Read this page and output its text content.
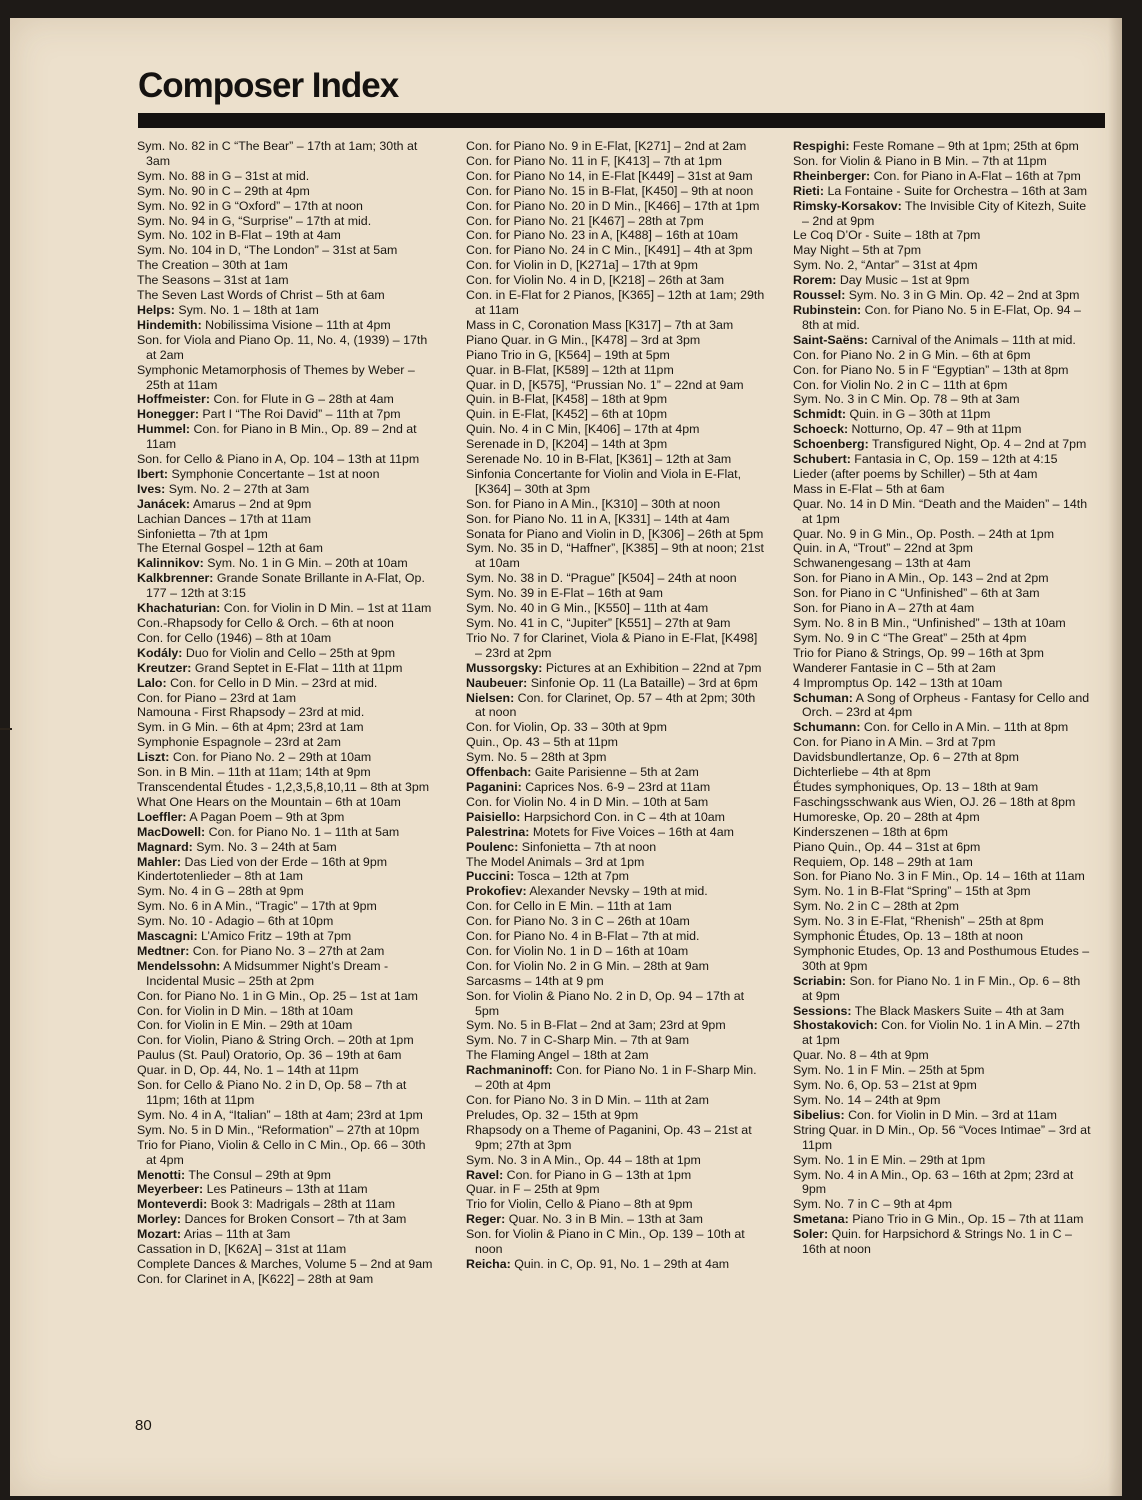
Composer Index
Sym. No. 82 in C “The Bear” – 17th at 1am; 30th at 3am
Sym. No. 88 in G – 31st at mid.
Sym. No. 90 in C – 29th at 4pm
Sym. No. 92 in G “Oxford” – 17th at noon
Sym. No. 94 in G, “Surprise” – 17th at mid.
Sym. No. 102 in B-Flat – 19th at 4am
Sym. No. 104 in D, “The London” – 31st at 5am
The Creation – 30th at 1am
The Seasons – 31st at 1am
The Seven Last Words of Christ – 5th at 6am
Helps: Sym. No. 1 – 18th at 1am
Hindemith: Nobilissima Visione – 11th at 4pm
Son. for Viola and Piano Op. 11, No. 4, (1939) – 17th at 2am
Symphonic Metamorphosis of Themes by Weber – 25th at 11am
Hoffmeister: Con. for Flute in G – 28th at 4am
Honegger: Part I “The Roi David” – 11th at 7pm
Hummel: Con. for Piano in B Min., Op. 89 – 2nd at 11am
Son. for Cello & Piano in A, Op. 104 – 13th at 11pm
Ibert: Symphonie Concertante – 1st at noon
Ives: Sym. No. 2 – 27th at 3am
Janácek: Amarus – 2nd at 9pm
Lachian Dances – 17th at 11am
Sinfonietta – 7th at 1pm
The Eternal Gospel – 12th at 6am
Kalinnikov: Sym. No. 1 in G Min. – 20th at 10am
Kalkbrenner: Grande Sonate Brillante in A-Flat, Op. 177 – 12th at 3:15
Khachaturian: Con. for Violin in D Min. – 1st at 11am
Con.-Rhapsody for Cello & Orch. – 6th at noon
Con. for Cello (1946) – 8th at 10am
Kodály: Duo for Violin and Cello – 25th at 9pm
Kreutzer: Grand Septet in E-Flat – 11th at 11pm
Lalo: Con. for Cello in D Min. – 23rd at mid.
Con. for Piano – 23rd at 1am
Namouna - First Rhapsody – 23rd at mid.
Sym. in G Min. – 6th at 4pm; 23rd at 1am
Symphonie Espagnole – 23rd at 2am
Liszt: Con. for Piano No. 2 – 29th at 10am
Son. in B Min. – 11th at 11am; 14th at 9pm
Transcendental Études - 1,2,3,5,8,10,11 – 8th at 3pm
What One Hears on the Mountain – 6th at 10am
Loeffler: A Pagan Poem – 9th at 3pm
MacDowell: Con. for Piano No. 1 – 11th at 5am
Magnard: Sym. No. 3 – 24th at 5am
Mahler: Das Lied von der Erde – 16th at 9pm
Kindertotenlieder – 8th at 1am
Sym. No. 4 in G – 28th at 9pm
Sym. No. 6 in A Min., “Tragic” – 17th at 9pm
Sym. No. 10 - Adagio – 6th at 10pm
Mascagni: L’Amico Fritz – 19th at 7pm
Medtner: Con. for Piano No. 3 – 27th at 2am
Mendelssohn: A Midsummer Night’s Dream - Incidental Music – 25th at 2pm
Con. for Piano No. 1 in G Min., Op. 25 – 1st at 1am
Con. for Violin in D Min. – 18th at 10am
Con. for Violin in E Min. – 29th at 10am
Con. for Violin, Piano & String Orch. – 20th at 1pm
Paulus (St. Paul) Oratorio, Op. 36 – 19th at 6am
Quar. in D, Op. 44, No. 1 – 14th at 11pm
Son. for Cello & Piano No. 2 in D, Op. 58 – 7th at 11pm; 16th at 11pm
Sym. No. 4 in A, “Italian” – 18th at 4am; 23rd at 1pm
Sym. No. 5 in D Min., “Reformation” – 27th at 10pm
Trio for Piano, Violin & Cello in C Min., Op. 66 – 30th at 4pm
Menotti: The Consul – 29th at 9pm
Meyerbeer: Les Patineurs – 13th at 11am
Monteverdi: Book 3: Madrigals – 28th at 11am
Morley: Dances for Broken Consort – 7th at 3am
Mozart: Arias – 11th at 3am
Cassation in D, [K62A] – 31st at 11am
Complete Dances & Marches, Volume 5 – 2nd at 9am
Con. for Clarinet in A, [K622] – 28th at 9am
Con. for Piano No. 9 in E-Flat, [K271] – 2nd at 2am
Con. for Piano No. 11 in F, [K413] – 7th at 1pm
Con. for Piano No 14, in E-Flat [K449] – 31st at 9am
Con. for Piano No. 15 in B-Flat, [K450] – 9th at noon
Con. for Piano No. 20 in D Min., [K466] – 17th at 1pm
Con. for Piano No. 21 [K467] – 28th at 7pm
Con. for Piano No. 23 in A, [K488] – 16th at 10am
Con. for Piano No. 24 in C Min., [K491] – 4th at 3pm
Con. for Violin in D, [K271a] – 17th at 9pm
Con. for Violin No. 4 in D, [K218] – 26th at 3am
Con. in E-Flat for 2 Pianos, [K365] – 12th at 1am; 29th at 11am
Mass in C, Coronation Mass [K317] – 7th at 3am
Piano Quar. in G Min., [K478] – 3rd at 3pm
Piano Trio in G, [K564] – 19th at 5pm
Quar. in B-Flat, [K589] – 12th at 11pm
Quar. in D, [K575], “Prussian No. 1” – 22nd at 9am
Quin. in B-Flat, [K458] – 18th at 9pm
Quin. in E-Flat, [K452] – 6th at 10pm
Quin. No. 4 in C Min, [K406] – 17th at 4pm
Serenade in D, [K204] – 14th at 3pm
Serenade No. 10 in B-Flat, [K361] – 12th at 3am
Sinfonia Concertante for Violin and Viola in E-Flat, [K364] – 30th at 3pm
Son. for Piano in A Min., [K310] – 30th at noon
Son. for Piano No. 11 in A, [K331] – 14th at 4am
Sonata for Piano and Violin in D, [K306] – 26th at 5pm
Sym. No. 35 in D, “Haffner”, [K385] – 9th at noon; 21st at 10am
Sym. No. 38 in D. “Prague” [K504] – 24th at noon
Sym. No. 39 in E-Flat – 16th at 9am
Sym. No. 40 in G Min., [K550] – 11th at 4am
Sym. No. 41 in C, “Jupiter” [K551] – 27th at 9am
Trio No. 7 for Clarinet, Viola & Piano in E-Flat, [K498] – 23rd at 2pm
Mussorgsky: Pictures at an Exhibition – 22nd at 7pm
Naubeuer: Sinfonie Op. 11 (La Bataille) – 3rd at 6pm
Nielsen: Con. for Clarinet, Op. 57 – 4th at 2pm; 30th at noon
Con. for Violin, Op. 33 – 30th at 9pm
Quin., Op. 43 – 5th at 11pm
Sym. No. 5 – 28th at 3pm
Offenbach: Gaite Parisienne – 5th at 2am
Paganini: Caprices Nos. 6-9 – 23rd at 11am
Con. for Violin No. 4 in D Min. – 10th at 5am
Paisiello: Harpsichord Con. in C – 4th at 10am
Palestrina: Motets for Five Voices – 16th at 4am
Poulenc: Sinfonietta – 7th at noon
The Model Animals – 3rd at 1pm
Puccini: Tosca – 12th at 7pm
Prokofiev: Alexander Nevsky – 19th at mid.
Con. for Cello in E Min. – 11th at 1am
Con. for Piano No. 3 in C – 26th at 10am
Con. for Piano No. 4 in B-Flat – 7th at mid.
Con. for Violin No. 1 in D – 16th at 10am
Con. for Violin No. 2 in G Min. – 28th at 9am
Sarcasms – 14th at 9 pm
Son. for Violin & Piano No. 2 in D, Op. 94 – 17th at 5pm
Sym. No. 5 in B-Flat – 2nd at 3am; 23rd at 9pm
Sym. No. 7 in C-Sharp Min. – 7th at 9am
The Flaming Angel – 18th at 2am
Rachmaninoff: Con. for Piano No. 1 in F-Sharp Min. – 20th at 4pm
Con. for Piano No. 3 in D Min. – 11th at 2am
Preludes, Op. 32 – 15th at 9pm
Rhapsody on a Theme of Paganini, Op. 43 – 21st at 9pm; 27th at 3pm
Sym. No. 3 in A Min., Op. 44 – 18th at 1pm
Ravel: Con. for Piano in G – 13th at 1pm
Quar. in F – 25th at 9pm
Trio for Violin, Cello & Piano – 8th at 9pm
Reger: Quar. No. 3 in B Min. – 13th at 3am
Son. for Violin & Piano in C Min., Op. 139 – 10th at noon
Reicha: Quin. in C, Op. 91, No. 1 – 29th at 4am
Respighi: Feste Romane – 9th at 1pm; 25th at 6pm
Son. for Violin & Piano in B Min. – 7th at 11pm
Rheinberger: Con. for Piano in A-Flat – 16th at 7pm
Rieti: La Fontaine - Suite for Orchestra – 16th at 3am
Rimsky-Korsakov: The Invisible City of Kitezh, Suite – 2nd at 9pm
Le Coq D’Or - Suite – 18th at 7pm
May Night – 5th at 7pm
Sym. No. 2, “Antar” – 31st at 4pm
Rorem: Day Music – 1st at 9pm
Roussel: Sym. No. 3 in G Min. Op. 42 – 2nd at 3pm
Rubinstein: Con. for Piano No. 5 in E-Flat, Op. 94 – 8th at mid.
Saint-Saëns: Carnival of the Animals – 11th at mid.
Con. for Piano No. 2 in G Min. – 6th at 6pm
Con. for Piano No. 5 in F “Egyptian” – 13th at 8pm
Con. for Violin No. 2 in C – 11th at 6pm
Sym. No. 3 in C Min. Op. 78 – 9th at 3am
Schmidt: Quin. in G – 30th at 11pm
Schoeck: Notturno, Op. 47 – 9th at 11pm
Schoenberg: Transfigured Night, Op. 4 – 2nd at 7pm
Schubert: Fantasia in C, Op. 159 – 12th at 4:15
Lieder (after poems by Schiller) – 5th at 4am
Mass in E-Flat – 5th at 6am
Quar. No. 14 in D Min. “Death and the Maiden” – 14th at 1pm
Quar. No. 9 in G Min., Op. Posth. – 24th at 1pm
Quin. in A, “Trout” – 22nd at 3pm
Schwanengesang – 13th at 4am
Son. for Piano in A Min., Op. 143 – 2nd at 2pm
Son. for Piano in C “Unfinished” – 6th at 3am
Son. for Piano in A – 27th at 4am
Sym. No. 8 in B Min., “Unfinished” – 13th at 10am
Sym. No. 9 in C “The Great” – 25th at 4pm
Trio for Piano & Strings, Op. 99 – 16th at 3pm
Wanderer Fantasie in C – 5th at 2am
4 Impromptus Op. 142 – 13th at 10am
Schuman: A Song of Orpheus - Fantasy for Cello and Orch. – 23rd at 4pm
Schumann: Con. for Cello in A Min. – 11th at 8pm
Con. for Piano in A Min. – 3rd at 7pm
Davidsbundlertanze, Op. 6 – 27th at 8pm
Dichterliebe – 4th at 8pm
Études symphoniques, Op. 13 – 18th at 9am
Faschingsschwank aus Wien, OJ. 26 – 18th at 8pm
Humoreske, Op. 20 – 28th at 4pm
Kinderszenen – 18th at 6pm
Piano Quin., Op. 44 – 31st at 6pm
Requiem, Op. 148 – 29th at 1am
Son. for Piano No. 3 in F Min., Op. 14 – 16th at 11am
Sym. No. 1 in B-Flat “Spring” – 15th at 3pm
Sym. No. 2 in C – 28th at 2pm
Sym. No. 3 in E-Flat, “Rhenish” – 25th at 8pm
Symphonic Études, Op. 13 – 18th at noon
Symphonic Etudes, Op. 13 and Posthumous Etudes – 30th at 9pm
Scriabin: Son. for Piano No. 1 in F Min., Op. 6 – 8th at 9pm
Sessions: The Black Maskers Suite – 4th at 3am
Shostakovich: Con. for Violin No. 1 in A Min. – 27th at 1pm
Quar. No. 8 – 4th at 9pm
Sym. No. 1 in F Min. – 25th at 5pm
Sym. No. 6, Op. 53 – 21st at 9pm
Sym. No. 14 – 24th at 9pm
Sibelius: Con. for Violin in D Min. – 3rd at 11am
String Quar. in D Min., Op. 56 “Voces Intimae” – 3rd at 11pm
Sym. No. 1 in E Min. – 29th at 1pm
Sym. No. 4 in A Min., Op. 63 – 16th at 2pm; 23rd at 9pm
Sym. No. 7 in C – 9th at 4pm
Smetana: Piano Trio in G Min., Op. 15 – 7th at 11am
Soler: Quin. for Harpsichord & Strings No. 1 in C – 16th at noon
80
